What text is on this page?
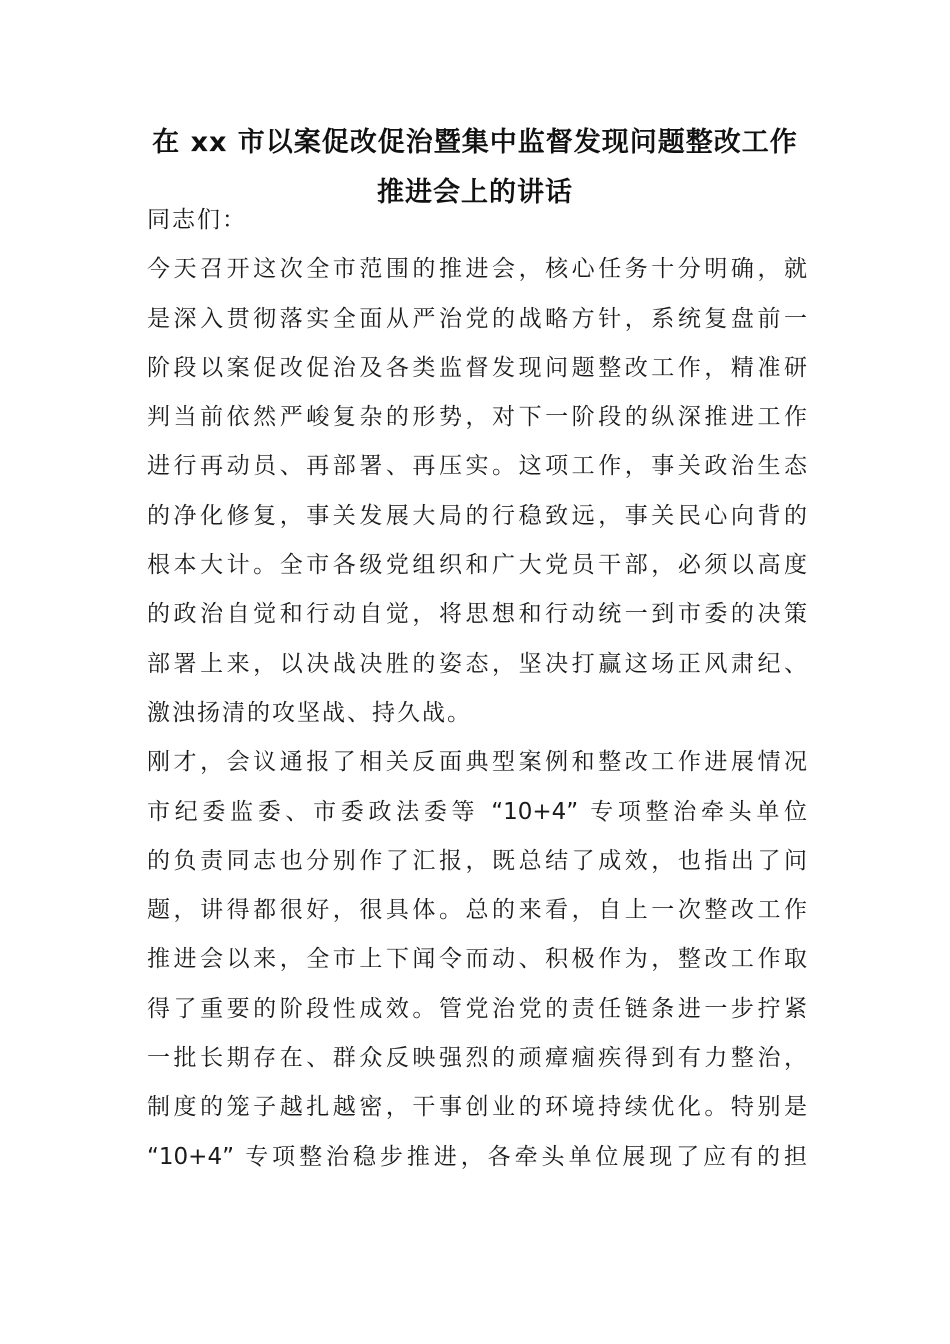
在 xx 市以案促改促治暨集中监督发现问题整改工作
推进会上的讲话
同志们：
今天召开这次全市范围的推进会，核心任务十分明确，就
是深入贯彻落实全面从严治党的战略方针，系统复盘前一
阶段以案促改促治及各类监督发现问题整改工作，精准研
判当前依然严峻复杂的形势，对下一阶段的纵深推进工作
进行再动员、再部署、再压实。这项工作，事关政治生态
的净化修复，事关发展大局的行稳致远，事关民心向背的
根本大计。全市各级党组织和广大党员干部，必须以高度
的政治自觉和行动自觉，将思想和行动统一到市委的决策
部署上来，以决战决胜的姿态，坚决打赢这场正风肃纪、
激浊扬清的攻坚战、持久战。
刚才，会议通报了相关反面典型案例和整改工作进展情况
市纪委监委、市委政法委等 “10+4” 专项整治牵头单位
的负责同志也分别作了汇报，既总结了成效，也指出了问
题，讲得都很好，很具体。总的来看，自上一次整改工作
推进会以来，全市上下闻令而动、积极作为，整改工作取
得了重要的阶段性成效。管党治党的责任链条进一步拧紧
一批长期存在、群众反映强烈的顽瘴痼疾得到有力整治，
制度的笼子越扎越密，干事创业的环境持续优化。特别是
“10+4” 专项整治稳步推进，各牵头单位展现了应有的担
